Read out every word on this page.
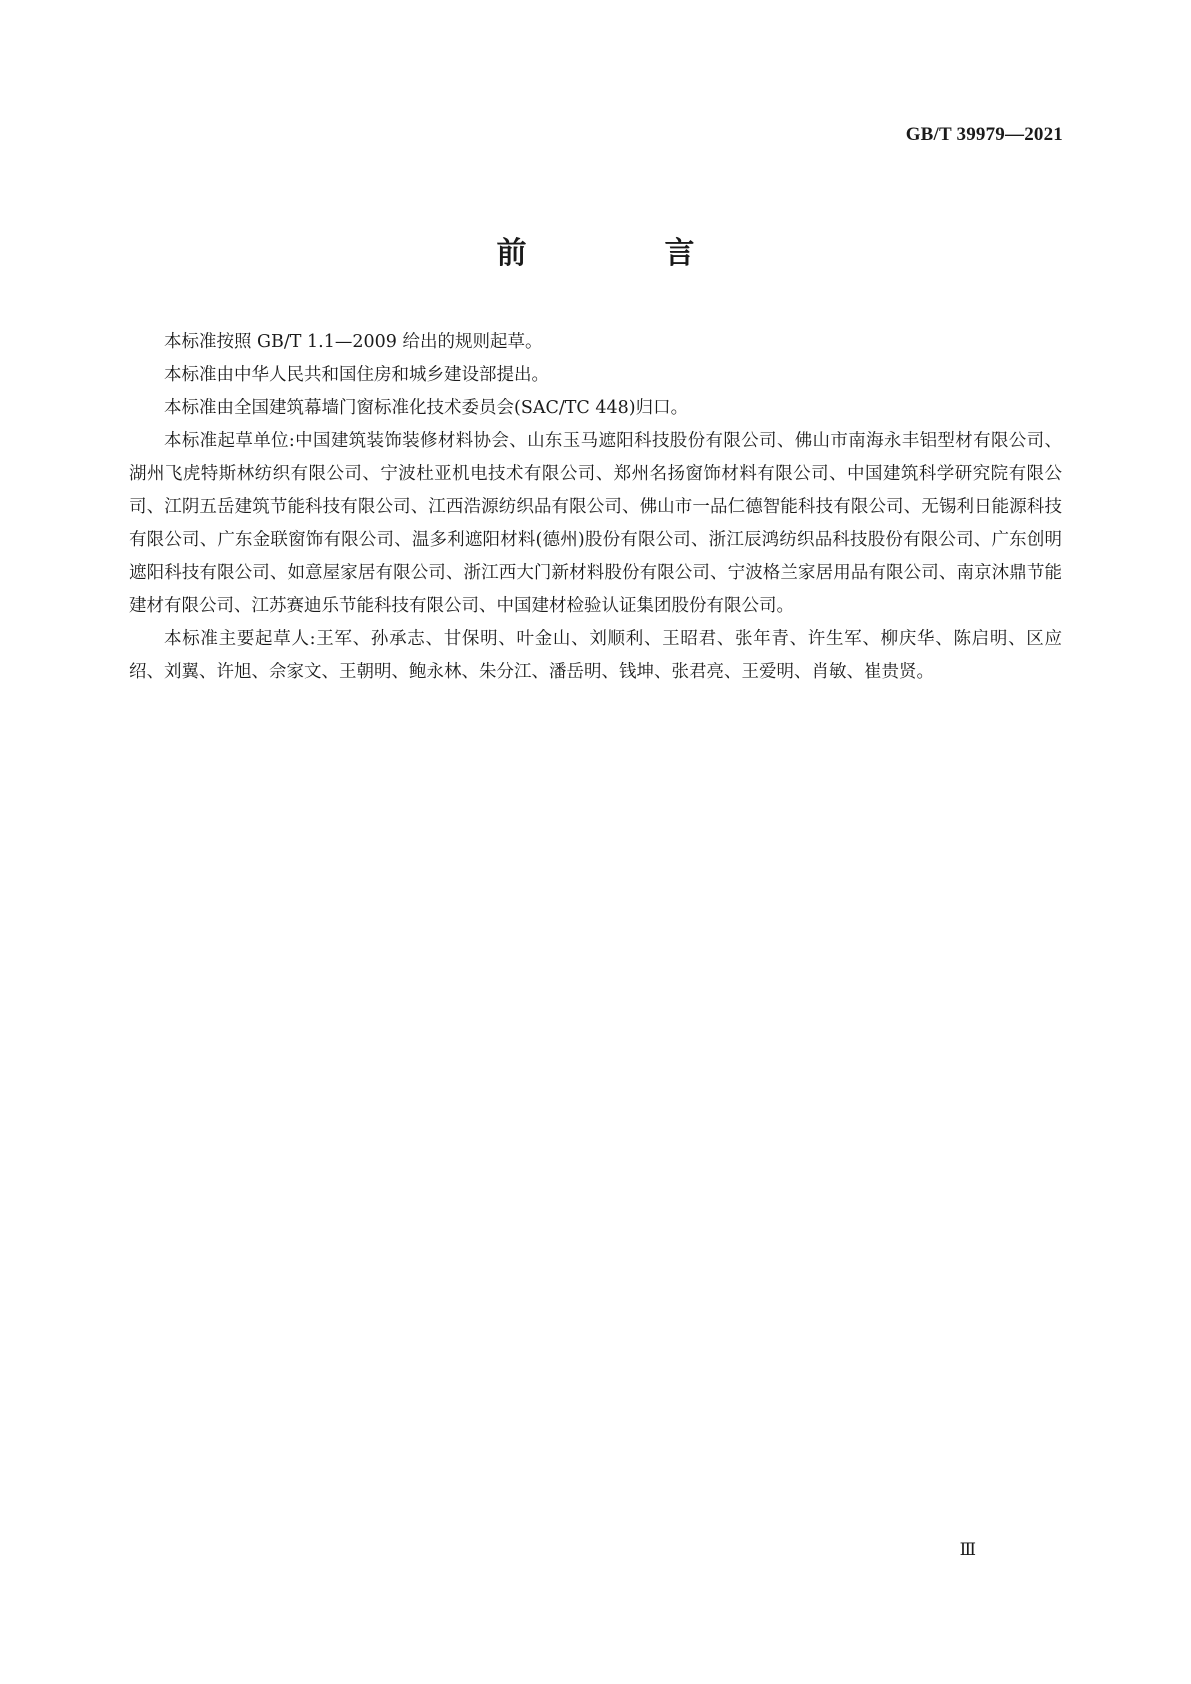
GB/T 39979—2021
前　言

本标准按照 GB/T 1.1—2009 给出的规则起草。

本标准由中华人民共和国住房和城乡建设部提出。

本标准由全国建筑幕墙门窗标准化技术委员会(SAC/TC 448)归口。

本标准起草单位:中国建筑装饰装修材料协会、山东玉马遮阳科技股份有限公司、佛山市南海永丰铝型材有限公司、湖州飞虎特斯林纺织有限公司、宁波杜亚机电技术有限公司、郑州名扬窗饰材料有限公司、中国建筑科学研究院有限公司、江阴五岳建筑节能科技有限公司、江西浩源纺织品有限公司、佛山市一品仁德智能科技有限公司、无锡利日能源科技有限公司、广东金联窗饰有限公司、温多利遮阳材料(德州)股份有限公司、浙江辰鸿纺织品科技股份有限公司、广东创明遮阳科技有限公司、如意屋家居有限公司、浙江西大门新材料股份有限公司、宁波格兰家居用品有限公司、南京沐鼎节能建材有限公司、江苏赛迪乐节能科技有限公司、中国建材检验认证集团股份有限公司。

本标准主要起草人:王军、孙承志、甘保明、叶金山、刘顺利、王昭君、张年青、许生军、柳庆华、陈启明、区应绍、刘翼、许旭、佘家文、王朝明、鲍永林、朱分江、潘岳明、钱坤、张君亮、王爱明、肖敏、崔贵贤。

Ⅲ
